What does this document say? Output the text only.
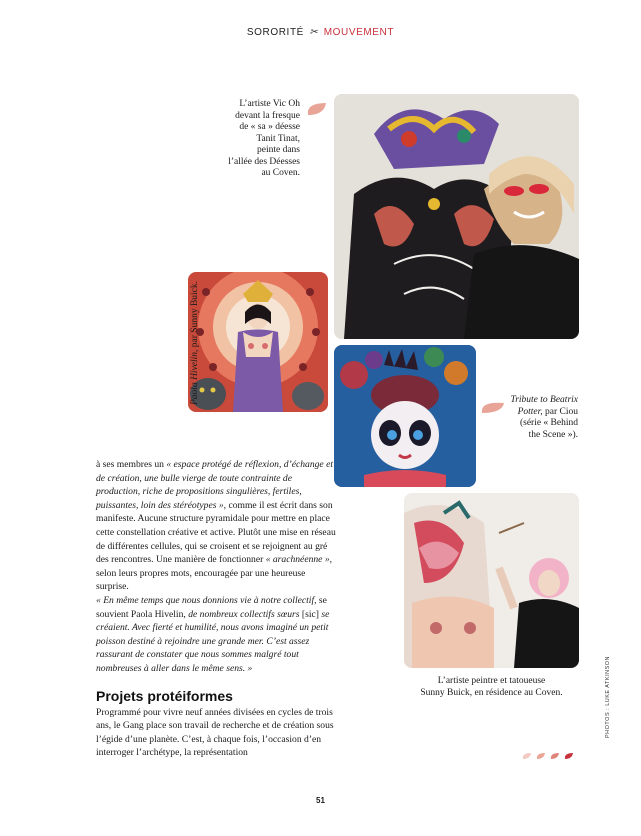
SORORITÉ ✂ MOUVEMENT
L’artiste Vic Oh
devant la fresque
de « sa » déesse
Tanit Tinat,
peinte dans
l’allée des Déesses
au Coven.
Paola Hivelin, par Sunny Buick.
Tribute to Beatrix
Potter, par Ciou
(série « Behind
the Scene »).
L’artiste peintre et tatoueuse
Sunny Buick, en résidence au Coven.

à ses membres un « espace protégé de réflexion, d’échange et de création, une bulle vierge de toute contrainte de production, riche de propositions singulières, fertiles, puissantes, loin des stéréotypes », comme il est écrit dans son manifeste. Aucune structure pyramidale pour mettre en place cette constellation créative et active. Plutôt une mise en réseau de différentes cellules, qui se croisent et se rejoignent au gré des rencontres. Une manière de fonctionner « arachnéenne », selon leurs propres mots, encouragée par une heureuse surprise.

« En même temps que nous donnions vie à notre collectif, se souvient Paola Hivelin, de nombreux collectifs sœurs [sic] se créaient. Avec fierté et humilité, nous avons imaginé un petit poisson destiné à rejoindre une grande mer. C’est assez rassurant de constater que nous sommes malgré tout nombreuses à aller dans le même sens. »

Projets protéiformes

Programmé pour vivre neuf années divisées en cycles de trois ans, le Gang place son travail de recherche et de création sous l’égide d’une planète. C’est, à chaque fois, l’occasion d’en interroger l’archétype, la représentation

PHOTOS : LUKE ATKINSON
51
